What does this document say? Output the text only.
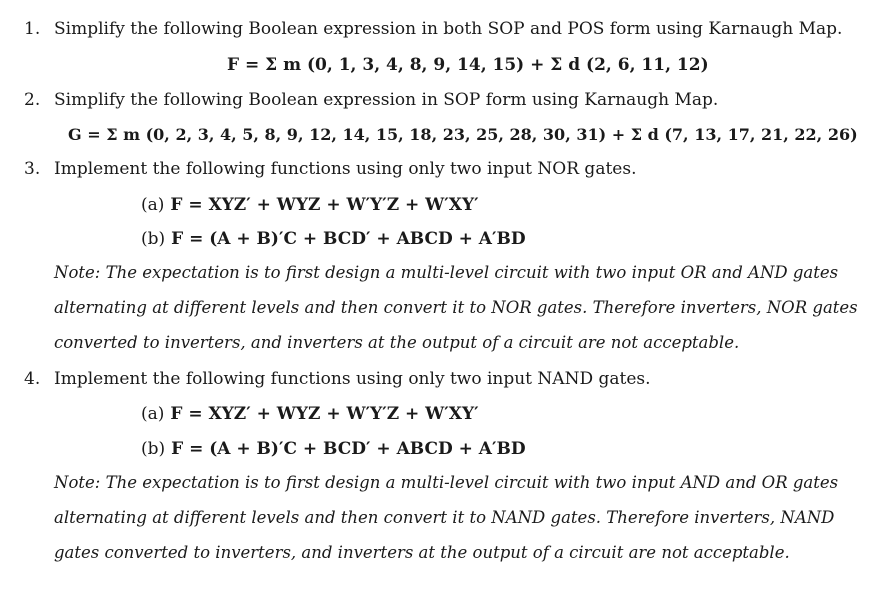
1. Simplify the following Boolean expression in both SOP and POS form using Karnaugh Map.
F = Σ m (0, 1, 3, 4, 8, 9, 14, 15) + Σ d (2, 6, 11, 12)
2. Simplify the following Boolean expression in SOP form using Karnaugh Map.
G = Σ m (0, 2, 3, 4, 5, 8, 9, 12, 14, 15, 18, 23, 25, 28, 30, 31) + Σ d (7, 13, 17, 21, 22, 26)
3. Implement the following functions using only two input NOR gates.
(a) F = XYZ′ + WYZ + W′Y′Z + W′XY′
(b) F = (A + B)′C + BCD′ + ABCD + A′BD
Note: The expectation is to first design a multi-level circuit with two input OR and AND gates
alternating at different levels and then convert it to NOR gates. Therefore inverters, NOR gates
converted to inverters, and inverters at the output of a circuit are not acceptable.
4. Implement the following functions using only two input NAND gates.
(a) F = XYZ′ + WYZ + W′Y′Z + W′XY′
(b) F = (A + B)′C + BCD′ + ABCD + A′BD
Note: The expectation is to first design a multi-level circuit with two input AND and OR gates
alternating at different levels and then convert it to NAND gates. Therefore inverters, NAND
gates converted to inverters, and inverters at the output of a circuit are not acceptable.
